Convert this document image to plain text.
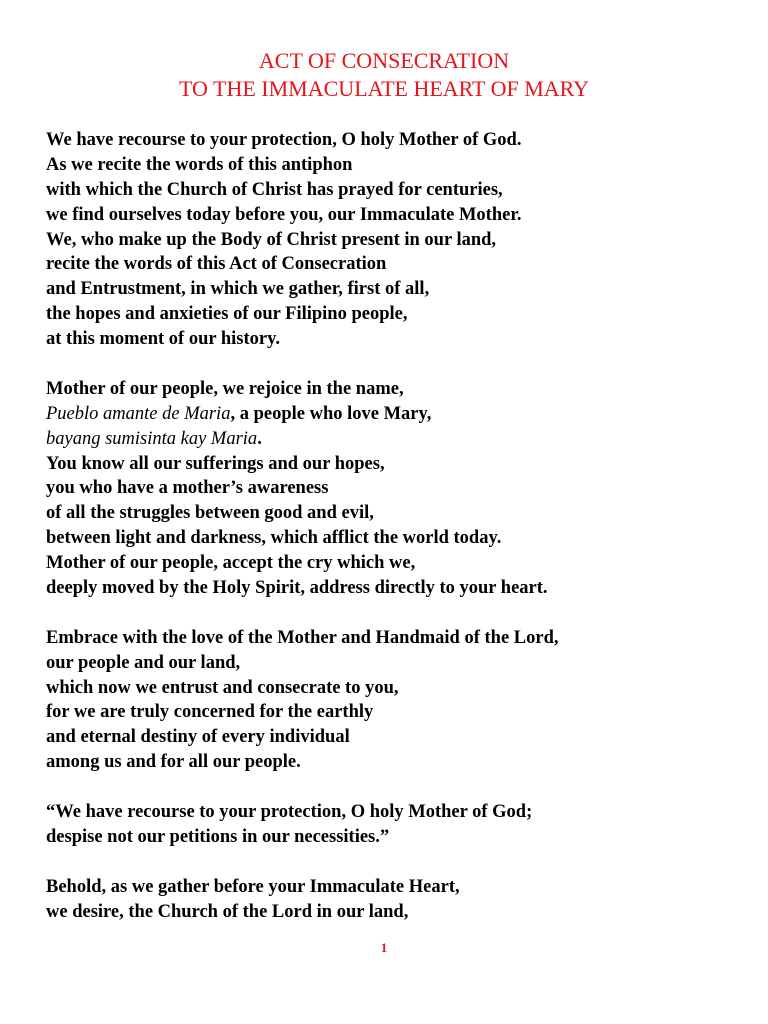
ACT OF CONSECRATION
TO THE IMMACULATE HEART OF MARY
We have recourse to your protection, O holy Mother of God.
As we recite the words of this antiphon
with which the Church of Christ has prayed for centuries,
we find ourselves today before you, our Immaculate Mother.
We, who make up the Body of Christ present in our land,
recite the words of this Act of Consecration
and Entrustment, in which we gather, first of all,
the hopes and anxieties of our Filipino people,
at this moment of our history.
Mother of our people, we rejoice in the name,
Pueblo amante de Maria, a people who love Mary,
bayang sumisinta kay Maria.
You know all our sufferings and our hopes,
you who have a mother’s awareness
of all the struggles between good and evil,
between light and darkness, which afflict the world today.
Mother of our people, accept the cry which we,
deeply moved by the Holy Spirit, address directly to your heart.
Embrace with the love of the Mother and Handmaid of the Lord,
our people and our land,
which now we entrust and consecrate to you,
for we are truly concerned for the earthly
and eternal destiny of every individual
among us and for all our people.
“We have recourse to your protection, O holy Mother of God;
despise not our petitions in our necessities.”
Behold, as we gather before your Immaculate Heart,
we desire, the Church of the Lord in our land,
1
